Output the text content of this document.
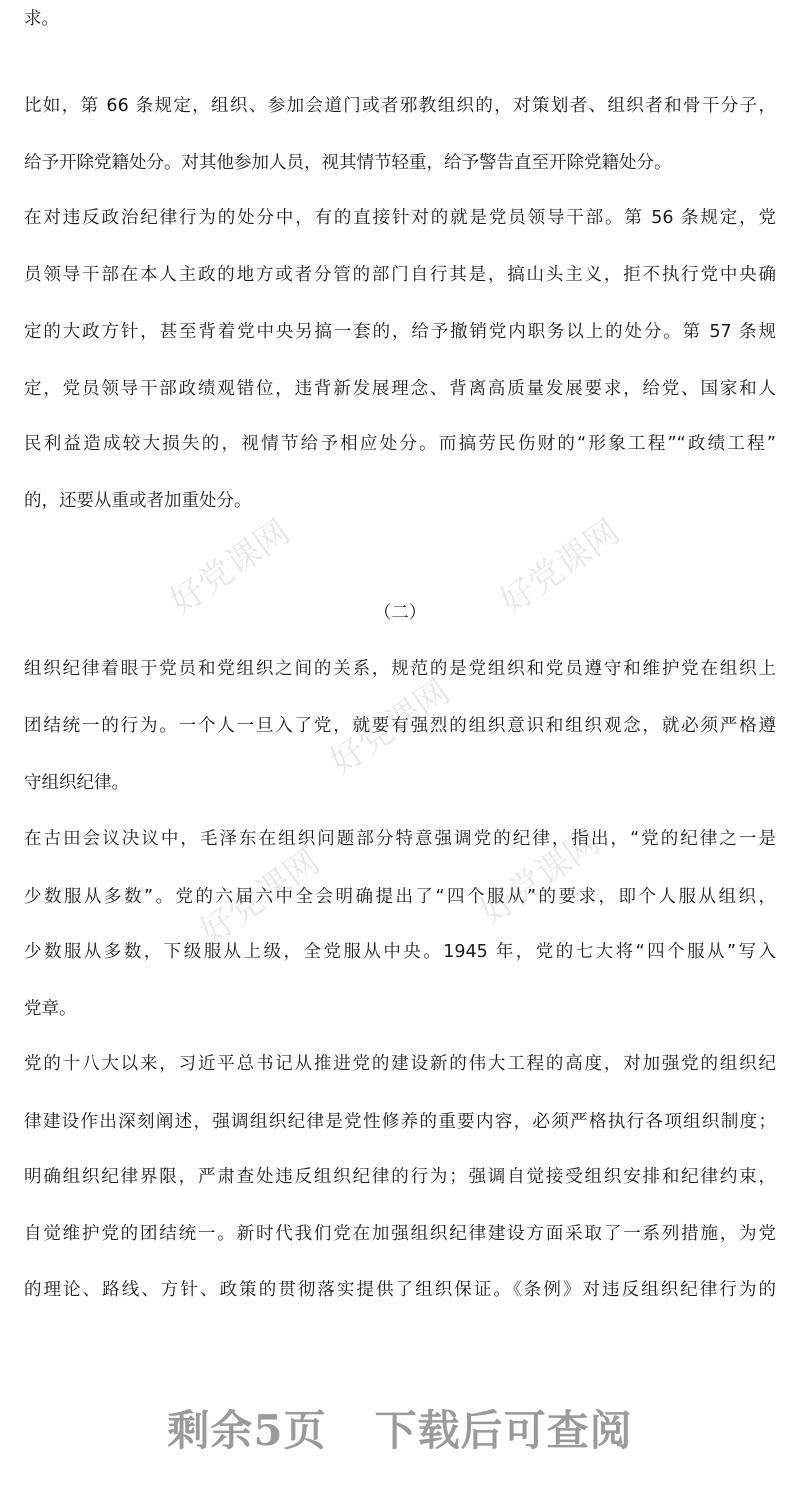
好党课网	好党课网
好党课网
好党课网	好党课网
求。
比如，第 66 条规定，组织、参加会道门或者邪教组织的，对策划者、组织者和骨干分子，
给予开除党籍处分。对其他参加人员，视其情节轻重，给予警告直至开除党籍处分。
在对违反政治纪律行为的处分中，有的直接针对的就是党员领导干部。第 56 条规定，党
员领导干部在本人主政的地方或者分管的部门自行其是，搞山头主义，拒不执行党中央确
定的大政方针，甚至背着党中央另搞一套的，给予撤销党内职务以上的处分。第 57 条规
定，党员领导干部政绩观错位，违背新发展理念、背离高质量发展要求，给党、国家和人
民利益造成较大损失的，视情节给予相应处分。而搞劳民伤财的“形象工程”“政绩工程”
的，还要从重或者加重处分。
（二）
组织纪律着眼于党员和党组织之间的关系，规范的是党组织和党员遵守和维护党在组织上
团结统一的行为。一个人一旦入了党，就要有强烈的组织意识和组织观念，就必须严格遵
守组织纪律。
在古田会议决议中，毛泽东在组织问题部分特意强调党的纪律，指出，“党的纪律之一是
少数服从多数”。党的六届六中全会明确提出了“四个服从”的要求，即个人服从组织，
少数服从多数，下级服从上级，全党服从中央。1945 年，党的七大将“四个服从”写入
党章。
党的十八大以来，习近平总书记从推进党的建设新的伟大工程的高度，对加强党的组织纪
律建设作出深刻阐述，强调组织纪律是党性修养的重要内容，必须严格执行各项组织制度；
明确组织纪律界限，严肃查处违反组织纪律的行为；强调自觉接受组织安排和纪律约束，
自觉维护党的团结统一。新时代我们党在加强组织纪律建设方面采取了一系列措施，为党
的理论、路线、方针、政策的贯彻落实提供了组织保证。《条例》对违反组织纪律行为的
剩余5页 下载后可查阅
